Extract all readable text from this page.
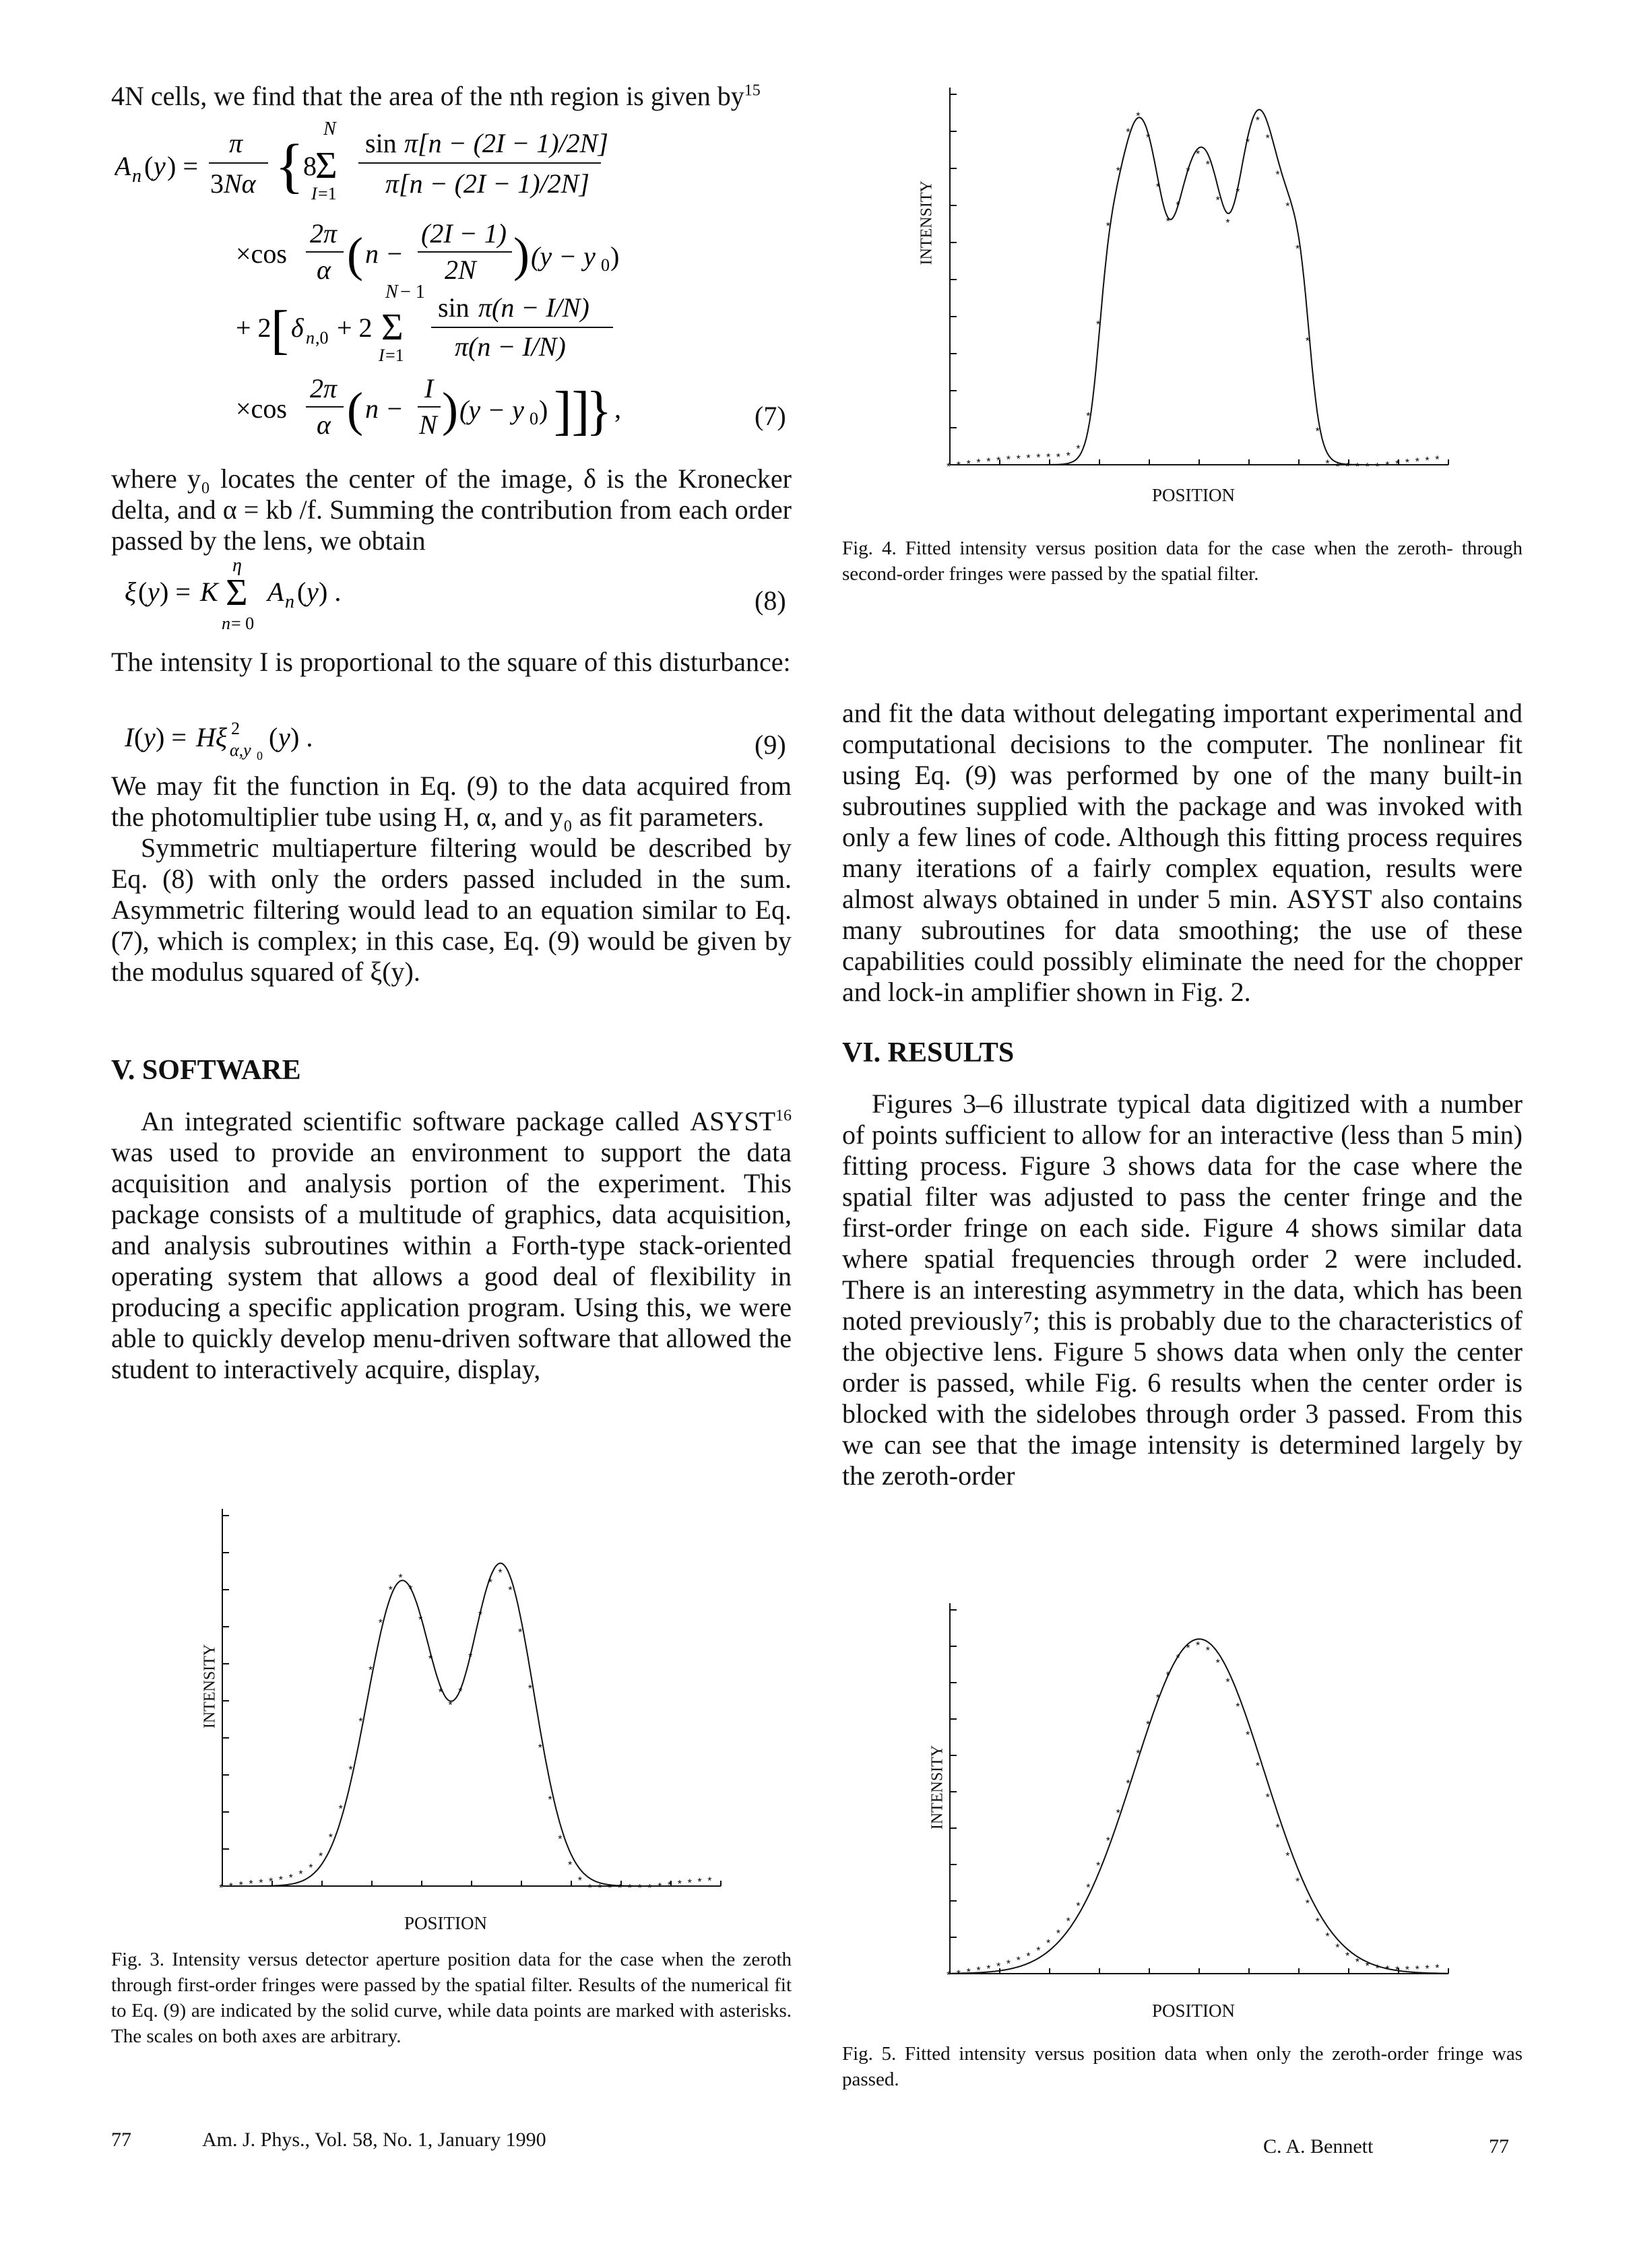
4N cells, we find that the area of the nth region is given $by^{15}$

A n ( y ) =
π
3 Nα {
8
N
Σ
I =1
sin π[n − (2I − 1)/2N]
π[n − (2I − 1)/2N]
×cos
2π
α ( n −
(2I − 1)
2N ) (y − y 0 )
+ 2 [ δ n ,0 + 2
N − 1
Σ
I =1
sin π(n − I/N)
π(n − I/N)
×cos
2π
α ( n −
I
N ) (y − y 0 ) ]]
} ,	(7)

where y₀ locates the center of the image, δ is the Kronecker delta, and α = kb /f. Summing the contribution from each order passed by the lens, we obtain

ξ ( y ) = K
η
Σ
n = 0
A n ( y ) .	(8)

The intensity I is proportional to the square of this disturbance:

I ( y ) = Hξ 2
α,y 0
( y ) .	(9)

We may fit the function in Eq. (9) to the data acquired from the photomultiplier tube using H, α, and y₀ as fit parameters.

Symmetric multiaperture filtering would be described by Eq. (8) with only the orders passed included in the sum. Asymmetric filtering would lead to an equation similar to Eq. (7), which is complex; in this case, Eq. (9) would be given by the modulus squared of ξ(y).

V. SOFTWARE

An integrated scientific software package called ASYST$^{16}$ was used to provide an environment to support the data acquisition and analysis portion of the experiment. This package consists of a multitude of graphics, data acquisition, and analysis subroutines within a Forth-type stack-oriented operating system that allows a good deal of flexibility in producing a specific application program. Using this, we were able to quickly develop menu-driven software that allowed the student to interactively acquire, display,

and fit the data without delegating important experimental and computational decisions to the computer. The nonlinear fit using Eq. (9) was performed by one of the many built-in subroutines supplied with the package and was invoked with only a few lines of code. Although this fitting process requires many iterations of a fairly complex equation, results were almost always obtained in under 5 min. ASYST also contains many subroutines for data smoothing; the use of these capabilities could possibly eliminate the need for the chopper and lock-in amplifier shown in Fig. 2.

VI. RESULTS

Figures 3–6 illustrate typical data digitized with a number of points sufficient to allow for an interactive (less than 5 min) fitting process. Figure 3 shows data for the case where the spatial filter was adjusted to pass the center fringe and the first-order fringe on each side. Figure 4 shows similar data where spatial frequencies through order 2 were included. There is an interesting asymmetry in the data, which has been noted previously⁷; this is probably due to the characteristics of the objective lens. Figure 5 shows data when only the center order is passed, while Fig. 6 results when the center order is blocked with the sidelobes through order 3 passed. From this we can see that the image intensity is determined largely by the zeroth-order

* * * * * * * * * * * * *
*
*
*
*
*
*
*
*
*
*
*
*
*
*
*
*
*
*
*
*
*
*
*
*
*
* * * * * * * * * * * *
INTENSITY
POSITION
Fig. 4. Fitted intensity versus position data for the case when the zeroth- through second-order fringes were passed by the spatial filter.
* * * * * * * * *
*
*
*
*
*
*
*
*
*
*
*
*
*
*
*
*
*
*
*
*
*
*
*
*
*
*
*
*
* * * * * * * * * * * * *
INTENSITY
POSITION
Fig. 3. Intensity versus detector aperture position data for the case when the zeroth through first-order fringes were passed by the spatial filter. Results of the numerical fit to Eq. (9) are indicated by the solid curve, while data points are marked with asterisks. The scales on both axes are arbitrary.
* * * * * * * * * *
*
*
*
*
*
*
*
*
*
*
*
*
*
*
* * *
*
*
*
*
*
*
*
*
*
*
*
*
*
*
* * * * * * * * *
INTENSITY
POSITION
Fig. 5. Fitted intensity versus position data when only the zeroth-order fringe was passed.
77	Am. J. Phys., Vol. 58, No. 1, January 1990	C. A. Bennett	77
